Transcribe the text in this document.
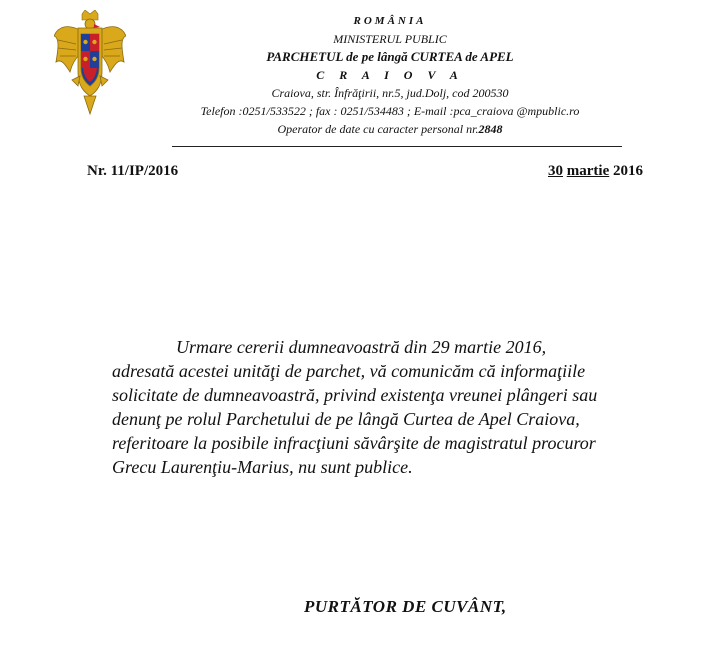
ROMÂNIA
MINISTERUL PUBLIC
PARCHETUL de pe lângă CURTEA de APEL
C R A I O V A
Craiova, str. Înfrăţirii, nr.5, jud.Dolj, cod 200530
Telefon :0251/533522 ; fax : 0251/534483 ; E-mail :pca_craiova @mpublic.ro
Operator de date cu caracter personal nr.2848
Nr. 11/IP/2016	30 martie 2016
Urmare cererii dumneavoastră din 29 martie 2016,
adresată acestei unităţi de parchet, vă comunicăm că informaţiile
solicitate de dumneavoastră, privind existenţa vreunei plângeri sau
denunţ pe rolul Parchetului de pe lângă Curtea de Apel Craiova,
referitoare la posibile infracţiuni săvârşite de magistratul procuror
Grecu Laurenţiu-Marius, nu sunt publice.
PURTĂTOR DE CUVÂNT,
